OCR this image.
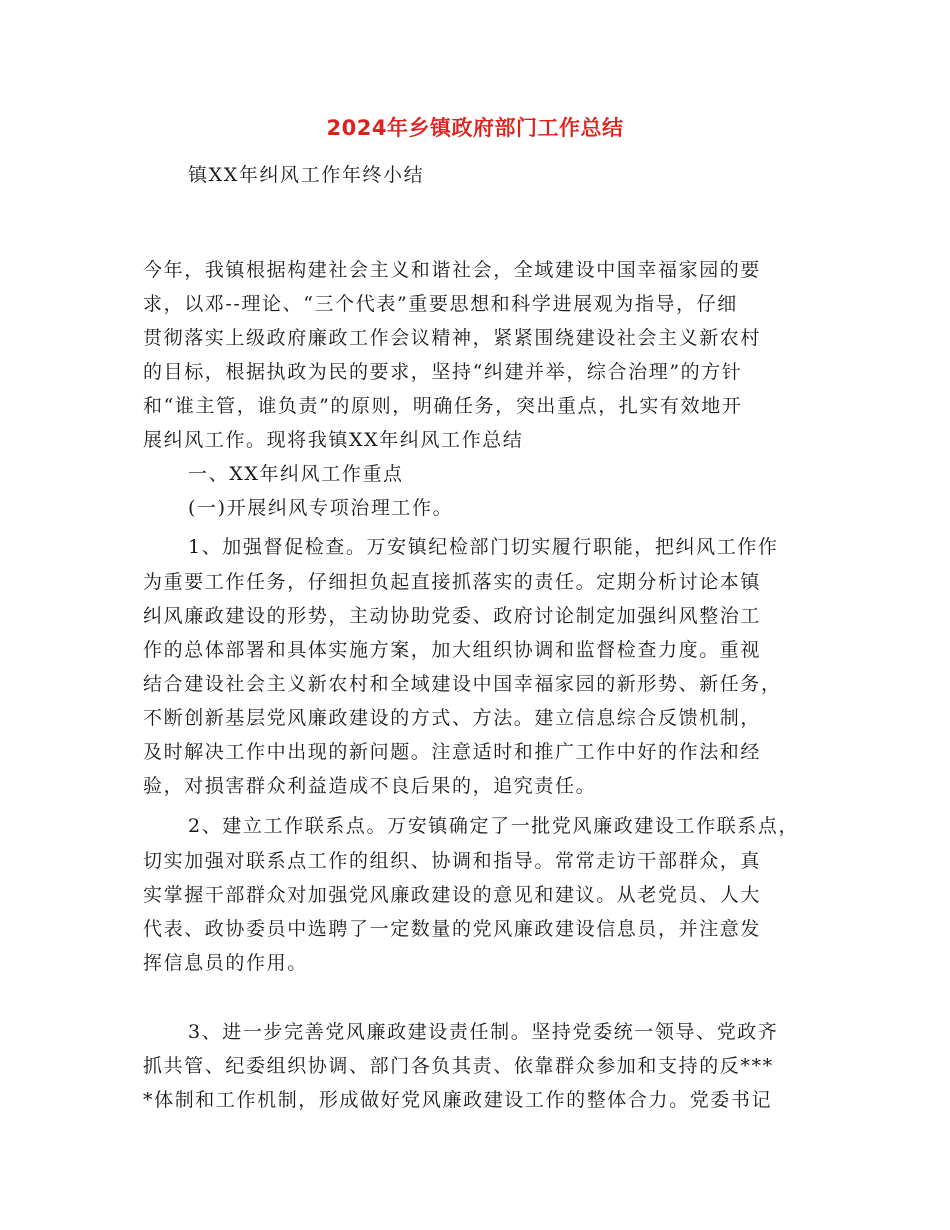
2024年乡镇政府部门工作总结
镇XX年纠风工作年终小结
今年，我镇根据构建社会主义和谐社会，全域建设中国幸福家园的要
求，以邓--理论、“三个代表”重要思想和科学进展观为指导，仔细
贯彻落实上级政府廉政工作会议精神，紧紧围绕建设社会主义新农村
的目标，根据执政为民的要求，坚持“纠建并举，综合治理”的方针
和“谁主管，谁负责”的原则，明确任务，突出重点，扎实有效地开
展纠风工作。现将我镇XX年纠风工作总结
一、XX年纠风工作重点
(一)开展纠风专项治理工作。
1、加强督促检查。万安镇纪检部门切实履行职能，把纠风工作作
为重要工作任务，仔细担负起直接抓落实的责任。定期分析讨论本镇
纠风廉政建设的形势，主动协助党委、政府讨论制定加强纠风整治工
作的总体部署和具体实施方案，加大组织协调和监督检查力度。重视
结合建设社会主义新农村和全域建设中国幸福家园的新形势、新任务，
不断创新基层党风廉政建设的方式、方法。建立信息综合反馈机制，
及时解决工作中出现的新问题。注意适时和推广工作中好的作法和经
验，对损害群众利益造成不良后果的，追究责任。
2、建立工作联系点。万安镇确定了一批党风廉政建设工作联系点，
切实加强对联系点工作的组织、协调和指导。常常走访干部群众，真
实掌握干部群众对加强党风廉政建设的意见和建议。从老党员、人大
代表、政协委员中选聘了一定数量的党风廉政建设信息员，并注意发
挥信息员的作用。
3、进一步完善党风廉政建设责任制。坚持党委统一领导、党政齐
抓共管、纪委组织协调、部门各负其责、依靠群众参加和支持的反***
*体制和工作机制，形成做好党风廉政建设工作的整体合力。党委书记
